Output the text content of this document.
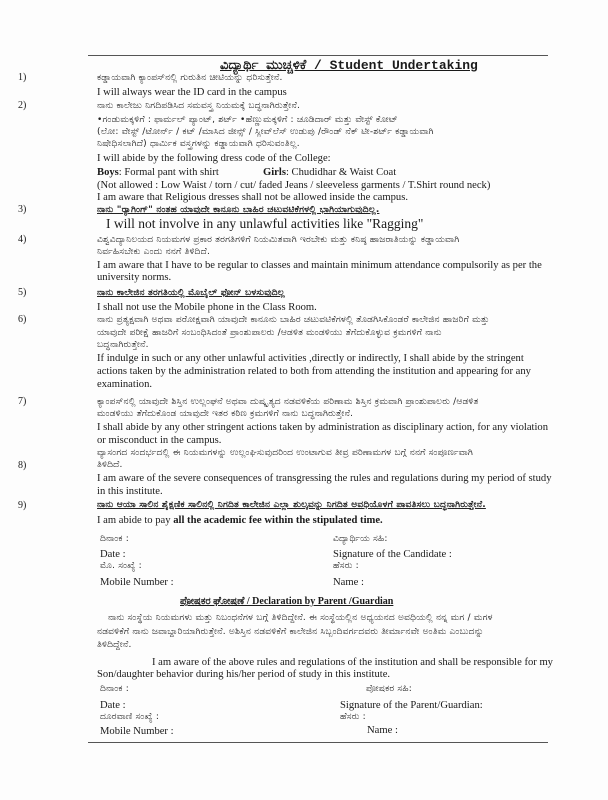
ವಿದ್ಯಾರ್ಥಿ ಮುಚ್ಚಳಿಕೆ / Student Undertaking
1)
2)
3)
4)
5)
6)
7)
8)
9)
ಕಡ್ಡಾಯವಾಗಿ ಕ್ಯಾಂಪಸ್‌ನಲ್ಲಿ ಗುರುತಿನ ಚೀಟಿಯನ್ನು ಧರಿಸುತ್ತೇನೆ.
I will always wear the ID card in the campus
ನಾನು ಕಾಲೇಜು ನಿಗದಿಪಡಿಸಿದ ಸಮವಸ್ತ್ರ ನಿಯಮಕ್ಕೆ ಬದ್ಧನಾಗಿರುತ್ತೇನೆ.
•ಗಂಡುಮಕ್ಕಳಿಗೆ : ಫಾರ್ಮಲ್ ಪ್ಯಾಂಟ್, ಶರ್ಟ್ •ಹೆಣ್ಣುಮಕ್ಕಳಿಗೆ : ಚೂಡಿದಾರ್ ಮತ್ತು ವೇಸ್ಟ್ ಕೋಟ್
(ಲೋ: ವೇಸ್ಟ್ /ಟೋರ್ನ್ / ಕಟ್ /ಮಾಸಿದ ಜೀನ್ಸ್ / ಸ್ಲೀವ್‌ಲೆಸ್ ಉಡುಪು /ರೌಂಡ್ ನೆಕ್ ಟೀ-ಶರ್ಟ್ ಕಡ್ಡಾಯವಾಗಿ
ನಿಷೇಧಿಸಲಾಗಿದೆ) ಧಾರ್ಮಿಕ ವಸ್ತ್ರಗಳನ್ನು ಕಡ್ಡಾಯವಾಗಿ ಧರಿಸುವಂತಿಲ್ಲ.
I will abide by the following dress code of the College:
Boys: Formal pant with shirt	Girls: Chudidhar & Waist Coat
(Not allowed : Low Waist / torn / cut/ faded Jeans / sleeveless garments / T.Shirt round neck)
I am aware that Religious dresses shall not be allowed inside the campus.
ನಾನು "ರ್‍ಯಾಗಿಂಗ್" ನಂತಹ ಯಾವುದೇ ಕಾನೂನು ಬಾಹಿರ ಚಟುವಟಿಕೆಗಳಲ್ಲಿ ಭಾಗಿಯಾಗುವುದಿಲ್ಲ.
I will not involve in any unlawful activities like "Ragging"
ವಿಶ್ವವಿದ್ಯಾನಿಲಯದ ನಿಯಮಗಳ ಪ್ರಕಾರ ತರಗತಿಗಳಿಗೆ ನಿಯಮಿತವಾಗಿ ಇರಬೇಕು ಮತ್ತು ಕನಿಷ್ಠ ಹಾಜರಾತಿಯನ್ನು ಕಡ್ಡಾಯವಾಗಿ
ನಿರ್ವಹಿಸಬೇಕು ಎಂದು ನನಗೆ ತಿಳಿದಿದೆ.
I am aware that I have to be regular to classes and maintain minimum attendance compulsorily as per the
university norms.
ನಾನು ಕಾಲೇಜಿನ ತರಗತಿಯಲ್ಲಿ ಮೊಬೈಲ್ ಫೋನ್ ಬಳಸುವುದಿಲ್ಲ
I shall not use the Mobile phone in the Class Room.
ನಾನು ಪ್ರತ್ಯಕ್ಷವಾಗಿ ಅಥವಾ ಪರೋಕ್ಷವಾಗಿ ಯಾವುದೇ ಕಾನೂನು ಬಾಹಿರ ಚಟುವಟಿಕೆಗಳಲ್ಲಿ ತೊಡಗಿಸಿಕೊಂಡರೆ ಕಾಲೇಜಿನ ಹಾಜರಿಗೆ ಮತ್ತು
ಯಾವುದೇ ಪರೀಕ್ಷೆ ಹಾಜರಿಗೆ ಸಂಬಂಧಿಸಿದಂತೆ ಪ್ರಾಂಶುಪಾಲರು /ಆಡಳಿತ ಮಂಡಳಿಯು ತೆಗೆದುಕೊಳ್ಳುವ ಕ್ರಮಗಳಿಗೆ ನಾನು
ಬದ್ಧನಾಗಿರುತ್ತೇನೆ.
If indulge in such or any other unlawful activities ,directly or indirectly, I shall abide by the stringent
actions taken by the administration related to both from attending the institution and appearing for any
examination.
ಕ್ಯಾಂಪಸ್‌ನಲ್ಲಿ ಯಾವುದೇ ಶಿಸ್ತಿನ ಉಲ್ಲಂಘನೆ ಅಥವಾ ದುಷ್ಕೃತ್ಯದ ನಡವಳಿಕೆಯ ಪರಿಣಾಮ ಶಿಸ್ತಿನ ಕ್ರಮವಾಗಿ ಪ್ರಾಂಶುಪಾಲರು /ಆಡಳಿತ
ಮಂಡಳಿಯು ತೆಗೆದುಕೊಂಡ ಯಾವುದೇ ಇತರ ಕಠಿಣ ಕ್ರಮಗಳಿಗೆ ನಾನು ಬದ್ಧನಾಗಿರುತ್ತೇನೆ.
I shall abide by any other stringent actions taken by administration as disciplinary action, for any violation
or misconduct in the campus.
ವ್ಯಾಸಂಗದ ಸಂದರ್ಭದಲ್ಲಿ ಈ ನಿಯಮಗಳನ್ನು ಉಲ್ಲಂಘಿಸುವುದರಿಂದ ಉಂಟಾಗುವ ತೀವ್ರ ಪರಿಣಾಮಗಳ ಬಗ್ಗೆ ನನಗೆ ಸಂಪೂರ್ಣವಾಗಿ
ತಿಳಿದಿದೆ.
I am aware of the severe consequences of transgressing the rules and regulations during my period of study
in this institute.
ನಾನು ಆಯಾ ಸಾಲಿನ ಶೈಕ್ಷಣಿಕ ಸಾಲಿನಲ್ಲಿ ನಿಗದಿತ ಕಾಲೇಜಿನ ಎಲ್ಲಾ ಶುಲ್ಕವನ್ನು ನಿಗದಿತ ಅವಧಿಯೊಳಗೆ ಪಾವತಿಸಲು ಬದ್ಧನಾಗಿರುತ್ತೇನೆ.
I am abide to pay all the academic fee within the stipulated time.
ದಿನಾಂಕ :
Date :
ಮೊ. ಸಂಖ್ಯೆ :
Mobile Number :
ವಿದ್ಯಾರ್ಥಿಯ ಸಹಿ:
Signature of the Candidate :
ಹೆಸರು :
Name :
ಪೋಷಕರ ಘೋಷಣೆ / Declaration by Parent /Guardian
ನಾನು ಸಂಸ್ಥೆಯ ನಿಯಮಗಳು ಮತ್ತು ನಿಬಂಧನೆಗಳ ಬಗ್ಗೆ ತಿಳಿದಿದ್ದೇನೆ. ಈ ಸಂಸ್ಥೆಯಲ್ಲಿನ ಅಧ್ಯಯನದ ಅವಧಿಯಲ್ಲಿ ನನ್ನ ಮಗ / ಮಗಳ
ನಡವಳಿಕೆಗೆ ನಾನು ಜವಾಬ್ದಾರಿಯಾಗಿರುತ್ತೇನೆ. ಅಶಿಸ್ತಿನ ನಡವಳಿಕೆಗೆ ಕಾಲೇಜಿನ ಸಿಬ್ಬಂದಿವರ್ಗದವರು ತೀರ್ಮಾನವೇ ಅಂತಿಮ ಎಂಬುದನ್ನು
ತಿಳಿದಿದ್ದೇನೆ.
I am aware of the above rules and regulations of the institution and shall be responsible for my
Son/daughter behavior during his/her period of study in this institute.
ದಿನಾಂಕ :
Date :
ದೂರವಾಣಿ ಸಂಖ್ಯೆ :
Mobile Number :
ಪೋಷಕರ ಸಹಿ:
Signature of the Parent/Guardian:
ಹೆಸರು :
Name :
